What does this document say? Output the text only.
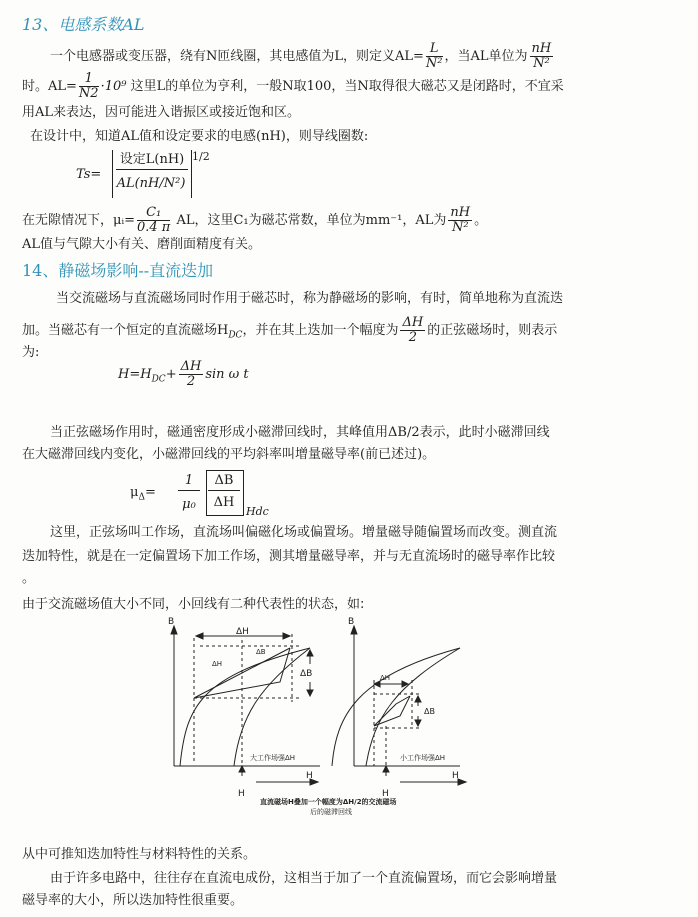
13、电感系数AL
一个电感器或变压器，绕有N匝线圈，其电感值为L，则定义$AL= \frac{L}{\text{N²}}$ ，当AL单位为 $\frac{nH}{\text{N²}}$
时。$AL= \frac{1}{N2} \cdot 10^9$ 这里L的单位为亨利，一般N取100，当N取得很大磁芯又是闭路时，不宜采
用AL来表达，因可能进入谐振区或接近饱和区。
在设计中，知道AL值和设定要求的电感(nH)，则导线圈数:
Ts=
设定L(nH)
AL(nH/N²)
1/2
在无隙情况下，μᵢ= $\frac{\text{C₁}}{0.4 \pi}$ AL，这里C₁为磁芯常数，单位为mm⁻¹，AL为 $\frac{nH}{\text{N²}}$ 。
AL值与气隙大小有关、磨削面精度有关。
14、静磁场影响--直流迭加
当交流磁场与直流磁场同时作用于磁芯时，称为静磁场的影响，有时，简单地称为直流迭
加。当磁芯有一个恒定的直流磁场$H_{DC}$，并在其上迭加一个幅度为 $\frac{\Delta H}{2}$ 的正弦磁场时，则表示
为:
$H=H_{DC}+ \frac{\Delta H}{2}$ sin ω t
当正弦磁场作用时，磁通密度形成小磁滞回线时，其峰值用ΔB/2表示，此时小磁滞回线
在大磁滞回线内变化，小磁滞回线的平均斜率叫增量磁导率(前已述过)。
$\mu_\Delta=$
1
μ₀
ΔB
ΔH
Hdc
这里，正弦场叫工作场，直流场叫偏磁化场或偏置场。增量磁导随偏置场而改变。测直流
迭加特性，就是在一定偏置场下加工作场，测其增量磁导率，并与无直流场时的磁导率作比较
。
由于交流磁场值大小不同，小回线有二种代表性的状态，如:
B	B
ΔH
ΔB
ΔH
ΔB
ΔH
ΔB
大工作场强ΔH	小工作场强ΔH
H	H
H	H
直流磁场H叠加一个幅度为ΔH/2的交流磁场
后的磁滞回线
从中可推知迭加特性与材料特性的关系。
由于许多电路中，往往存在直流电成份，这相当于加了一个直流偏置场，而它会影响增量
磁导率的大小，所以迭加特性很重要。
